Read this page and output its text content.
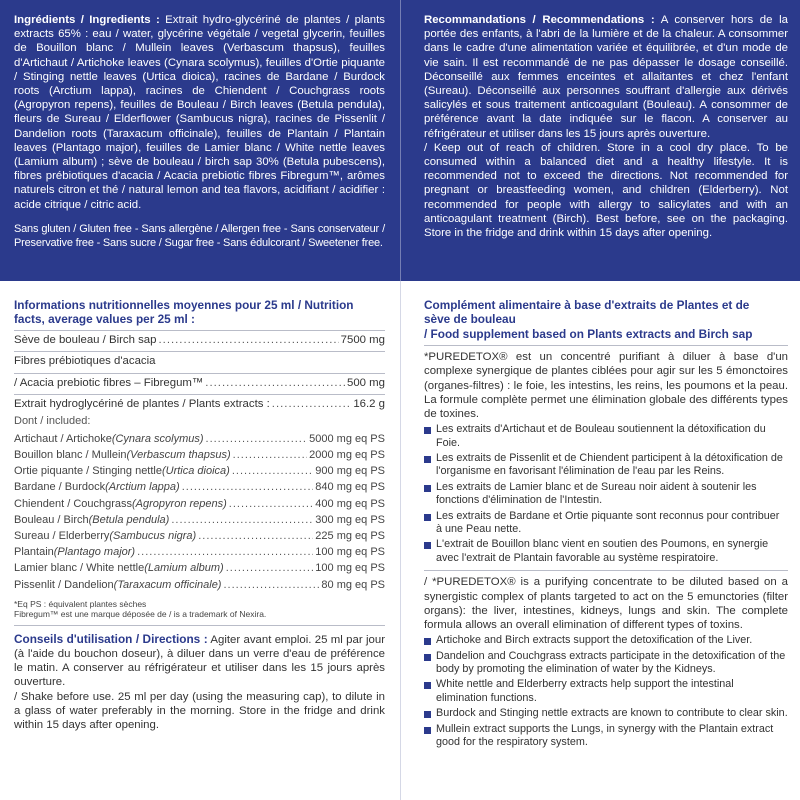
Ingrédients / Ingredients : Extrait hydro-glycériné de plantes / plants extracts 65% : eau / water, glycérine végétale / vegetal glycerin, feuilles de Bouillon blanc / Mullein leaves (Verbascum thapsus), feuilles d'Artichaut / Artichoke leaves (Cynara scolymus), feuilles d'Ortie piquante / Stinging nettle leaves (Urtica dioica), racines de Bardane / Burdock roots (Arctium lappa), racines de Chiendent / Couchgrass roots (Agropyron repens), feuilles de Bouleau / Birch leaves (Betula pendula), fleurs de Sureau / Elderflower (Sambucus nigra), racines de Pissenlit / Dandelion roots (Taraxacum officinale), feuilles de Plantain / Plantain leaves (Plantago major), feuilles de Lamier blanc / White nettle leaves (Lamium album) ; sève de bouleau / birch sap 30% (Betula pubescens), fibres prébiotiques d'acacia / Acacia prebiotic fibres Fibregum™, arômes naturels citron et thé / natural lemon and tea flavors, acidifiant / acidifier : acide citrique / citric acid.

Sans gluten / Gluten free - Sans allergène / Allergen free - Sans conservateur / Preservative free - Sans sucre / Sugar free - Sans édulcorant / Sweetener free.

Recommandations / Recommendations : A conserver hors de la portée des enfants, à l'abri de la lumière et de la chaleur. A consommer dans le cadre d'une alimentation variée et équilibrée, et d'un mode de vie sain. Il est recommandé de ne pas dépasser le dosage conseillé. Déconseillé aux femmes enceintes et allaitantes et chez l'enfant (Sureau). Déconseillé aux personnes souffrant d'allergie aux dérivés salicylés et sous traitement anticoagulant (Bouleau). A consommer de préférence avant la date indiquée sur le flacon. A conserver au réfrigérateur et utiliser dans les 15 jours après ouverture.

/ Keep out of reach of children. Store in a cool dry place. To be consumed within a balanced diet and a healthy lifestyle. It is recommended not to exceed the directions. Not recommended for pregnant or breastfeeding women, and children (Elderberry). Not recommended for people with allergy to salicylates and with an anticoagulant treatment (Birch). Best before, see on the packaging. Store in the fridge and drink within 15 days after opening.

Informations nutritionnelles moyennes pour 25 ml / Nutrition facts, average values per 25 ml :
Sève de bouleau / Birch sap .....	7500 mg
Fibres prébiotiques d'acacia
/ Acacia prebiotic fibres – Fibregum™ .....	500 mg
Extrait hydroglycériné de plantes / Plants extracts : .....	16.2 g
Dont / included:
Artichaut / Artichoke (Cynara scolymus) .....	5000 mg eq PS
Bouillon blanc / Mullein (Verbascum thapsus) .....	2000 mg eq PS
Ortie piquante / Stinging nettle (Urtica dioica) .....	900 mg eq PS
Bardane / Burdock (Arctium lappa) .....	840 mg eq PS
Chiendent / Couchgrass (Agropyron repens) .....	400 mg eq PS
Bouleau / Birch (Betula pendula) .....	300 mg eq PS
Sureau / Elderberry (Sambucus nigra) .....	225 mg eq PS
Plantain (Plantago major) .....	100 mg eq PS
Lamier blanc / White nettle (Lamium album) .....	100 mg eq PS
Pissenlit / Dandelion (Taraxacum officinale) .....	80 mg eq PS
*Eq PS : équivalent plantes sèches
Fibregum™ est une marque déposée de / is a trademark of Nexira.

Conseils d'utilisation / Directions : Agiter avant emploi. 25 ml par jour (à l'aide du bouchon doseur), à diluer dans un verre d'eau de préférence le matin. A conserver au réfrigérateur et utiliser dans les 15 jours après ouverture.

/ Shake before use. 25 ml per day (using the measuring cap), to dilute in a glass of water preferably in the morning. Store in the fridge and drink within 15 days after opening.

Complément alimentaire à base d'extraits de Plantes et de sève de bouleau
/ Food supplement based on Plants extracts and Birch sap

*PUREDETOX® est un concentré purifiant à diluer à base d'un complexe synergique de plantes ciblées pour agir sur les 5 émonctoires (organes-filtres) : le foie, les intestins, les reins, les poumons et la peau. La formule complète permet une élimination globale des différents types de toxines.

Les extraits d'Artichaut et de Bouleau soutiennent la détoxification du Foie.
Les extraits de Pissenlit et de Chiendent participent à la détoxification de l'organisme en favorisant l'élimination de l'eau par les Reins.
Les extraits de Lamier blanc et de Sureau noir aident à soutenir les fonctions d'élimination de l'Intestin.
Les extraits de Bardane et Ortie piquante sont reconnus pour contribuer à une Peau nette.
L'extrait de Bouillon blanc vient en soutien des Poumons, en synergie avec l'extrait de Plantain favorable au système respiratoire.

/ *PUREDETOX® is a purifying concentrate to be diluted based on a synergistic complex of plants targeted to act on the 5 emunctories (filter organs): the liver, intestines, kidneys, lungs and skin. The complete formula allows an overall elimination of different types of toxins.

Artichoke and Birch extracts support the detoxification of the Liver.
Dandelion and Couchgrass extracts participate in the detoxification of the body by promoting the elimination of water by the Kidneys.
White nettle and Elderberry extracts help support the intestinal elimination functions.
Burdock and Stinging nettle extracts are known to contribute to clear skin.
Mullein extract supports the Lungs, in synergy with the Plantain extract good for the respiratory system.
